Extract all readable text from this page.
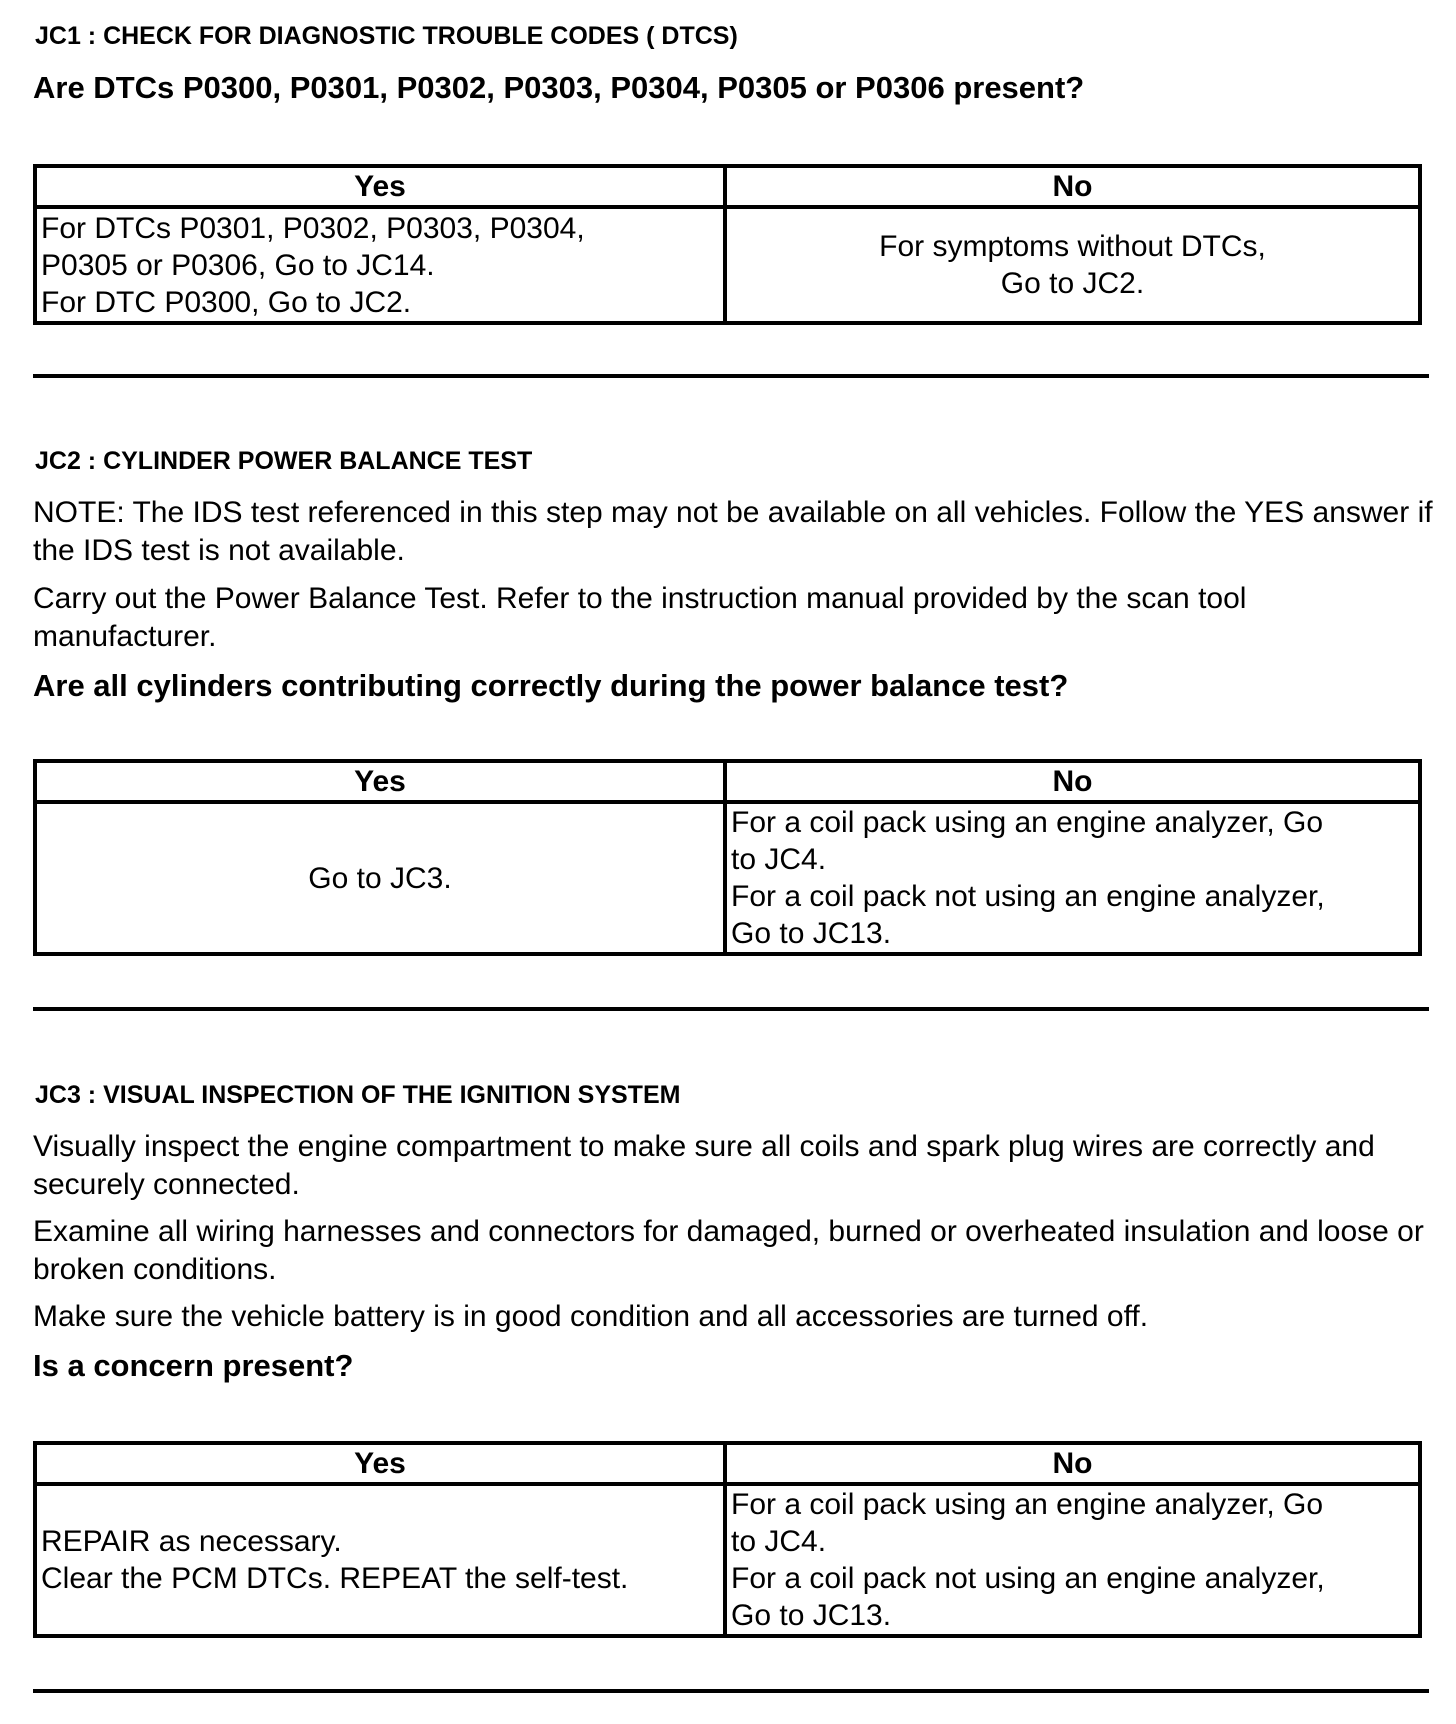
JC1 : CHECK FOR DIAGNOSTIC TROUBLE CODES ( DTCS)
Are DTCs P0300, P0301, P0302, P0303, P0304, P0305 or P0306 present?
Yes	No

For DTCs P0301, P0302, P0303, P0304,
P0305 or P0306, Go to JC14.
For DTC P0300, Go to JC2.	For symptoms without DTCs,
Go to JC2.
JC2 : CYLINDER POWER BALANCE TEST
NOTE: The IDS test referenced in this step may not be available on all vehicles. Follow the YES answer if the IDS test is not available.
Carry out the Power Balance Test. Refer to the instruction manual provided by the scan tool manufacturer.
Are all cylinders contributing correctly during the power balance test?
Yes	No

Go to JC3.	For a coil pack using an engine analyzer, Go
to JC4.
For a coil pack not using an engine analyzer,
Go to JC13.
JC3 : VISUAL INSPECTION OF THE IGNITION SYSTEM
Visually inspect the engine compartment to make sure all coils and spark plug wires are correctly and securely connected.
Examine all wiring harnesses and connectors for damaged, burned or overheated insulation and loose or broken conditions.
Make sure the vehicle battery is in good condition and all accessories are turned off.
Is a concern present?
Yes	No

REPAIR as necessary.
Clear the PCM DTCs. REPEAT the self-test.	For a coil pack using an engine analyzer, Go
to JC4.
For a coil pack not using an engine analyzer,
Go to JC13.
